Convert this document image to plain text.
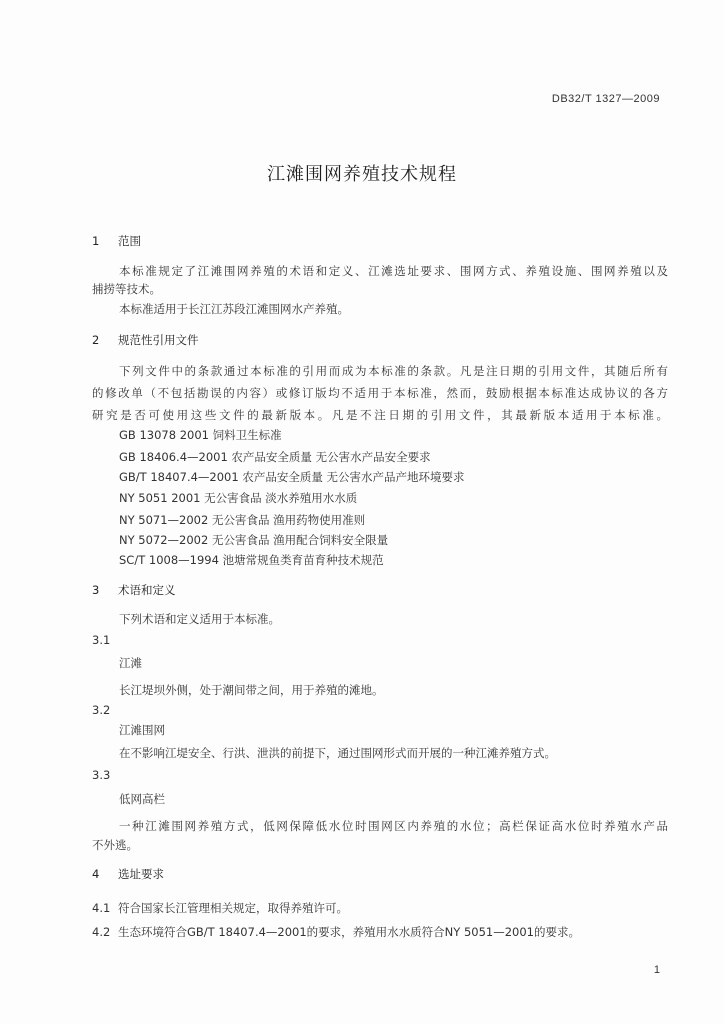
DB32/T 1327—2009
江滩围网养殖技术规程
1 范围
本标准规定了江滩围网养殖的术语和定义、江滩选址要求、围网方式、养殖设施、围网养殖以及
捕捞等技术。
本标准适用于长江江苏段江滩围网水产养殖。
2 规范性引用文件
下列文件中的条款通过本标准的引用而成为本标准的条款。凡是注日期的引用文件，其随后所有
的修改单（不包括勘误的内容）或修订版均不适用于本标准，然而，鼓励根据本标准达成协议的各方
研究是否可使用这些文件的最新版本。凡是不注日期的引用文件，其最新版本适用于本标准。
GB 13078 2001 饲料卫生标准
GB 18406.4—2001 农产品安全质量 无公害水产品安全要求
GB/T 18407.4—2001 农产品安全质量 无公害水产品产地环境要求
NY 5051 2001 无公害食品 淡水养殖用水水质
NY 5071—2002 无公害食品 渔用药物使用准则
NY 5072—2002 无公害食品 渔用配合饲料安全限量
SC/T 1008—1994 池塘常规鱼类育苗育种技术规范
3 术语和定义
下列术语和定义适用于本标准。
3.1
江滩
长江堤坝外侧，处于潮间带之间，用于养殖的滩地。
3.2
江滩围网
在不影响江堤安全、行洪、泄洪的前提下，通过围网形式而开展的一种江滩养殖方式。
3.3
低网高栏
一种江滩围网养殖方式，低网保障低水位时围网区内养殖的水位；高栏保证高水位时养殖水产品
不外逃。
4 选址要求
4.1 符合国家长江管理相关规定，取得养殖许可。
4.2 生态环境符合GB/T 18407.4—2001的要求，养殖用水水质符合NY 5051—2001的要求。
1
